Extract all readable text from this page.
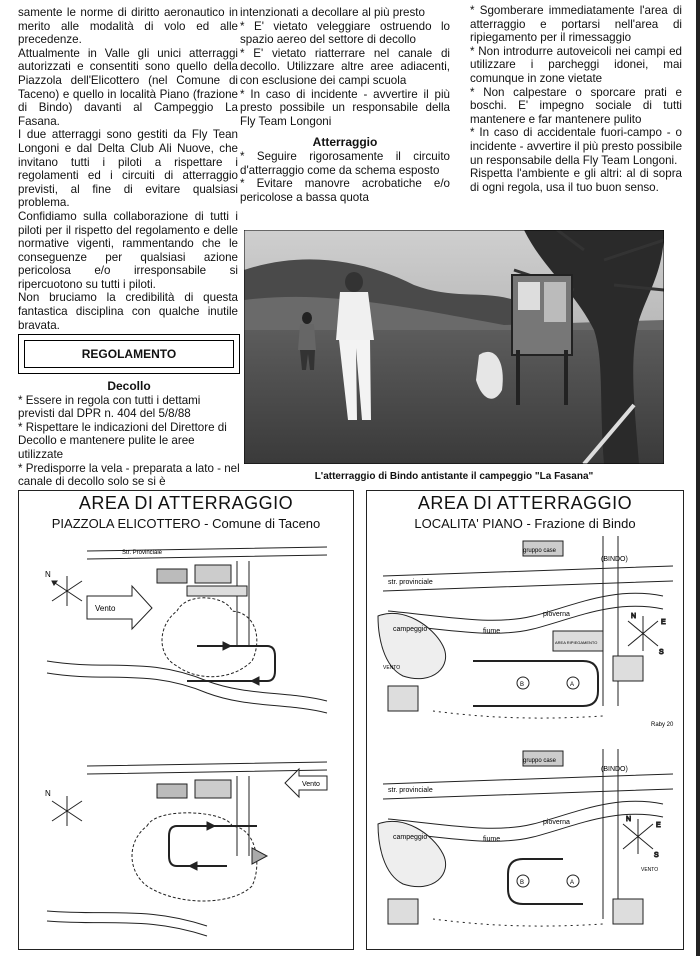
samente le norme di diritto aeronautico in merito alle modalità di volo ed alle precedenze.

Attualmente in Valle gli unici atterraggi autorizzati e consentiti sono quello della Piazzola dell'Elicottero (nel Comune di Taceno) e quello in località Piano (frazione di Bindo) davanti al Campeggio La Fasana.

I due atterraggi sono gestiti da Fly Tean Longoni e dal Delta Club Ali Nuove, che invitano tutti i piloti a rispettare i regolamenti ed i circuiti di atterraggio previsti, al fine di evitare qualsiasi problema.

Confidiamo sulla collaborazione di tutti i piloti per il rispetto del regolamento e delle normative vigenti, rammentando che le conseguenze per qualsiasi azione pericolosa e/o irresponsabile si ripercuotono su tutti i piloti.

Non bruciamo la credibilità di questa fantastica disciplina con qualche inutile bravata.

REGOLAMENTO
Decollo

* Essere in regola con tutti i dettami previsti dal DPR n. 404 del 5/8/88

* Rispettare le indicazioni del Direttore di Decollo e mantenere pulite le aree utilizzate

* Predisporre la vela - preparata a lato - nel canale di decollo solo se si è

intenzionati a decollare al più presto

* E' vietato veleggiare ostruendo lo spazio aereo del settore di decollo

* E' vietato riatterrare nel canale di decollo. Utilizzare altre aree adiacenti, con esclusione dei campi scuola

* In caso di incidente - avvertire il più presto possibile un responsabile della Fly Team Longoni

Atterraggio

* Seguire rigorosamente il circuito d'atterraggio come da schema esposto

* Evitare manovre acrobatiche e/o pericolose a bassa quota

* Sgomberare immediatamente l'area di atterraggio e portarsi nell'area di ripiegamento per il rimessaggio

* Non introdurre autoveicoli nei campi ed utilizzare i parcheggi idonei, mai comunque in zone vietate

* Non calpestare o sporcare prati e boschi. E' impegno sociale di tutti mantenere e far mantenere pulito

* In caso di accidentale fuori-campo - o incidente - avvertire il più presto possibile un responsabile della Fly Team Longoni.

Rispetta l'ambiente e gli altri: al di sopra di ogni regola, usa il tuo buon senso.

L'atterraggio di Bindo antistante il campeggio "La Fasana"
AREA DI ATTERRAGGIO
PIAZZOLA ELICOTTERO - Comune di Taceno
Str. Provinciale
Vento
N
Vento
N
AREA DI ATTERRAGGIO
LOCALITA' PIANO - Frazione di Bindo
str. provinciale
(BINDO)
gruppo case
campeggio	fiume
pioverna
AREA RIPIEGAMENTO
A
B
VENTO
Raby 20
N
E
S
str. provinciale
(BINDO)
gruppo case
campeggio	fiume
pioverna
A
B
VENTO
N
E
S
